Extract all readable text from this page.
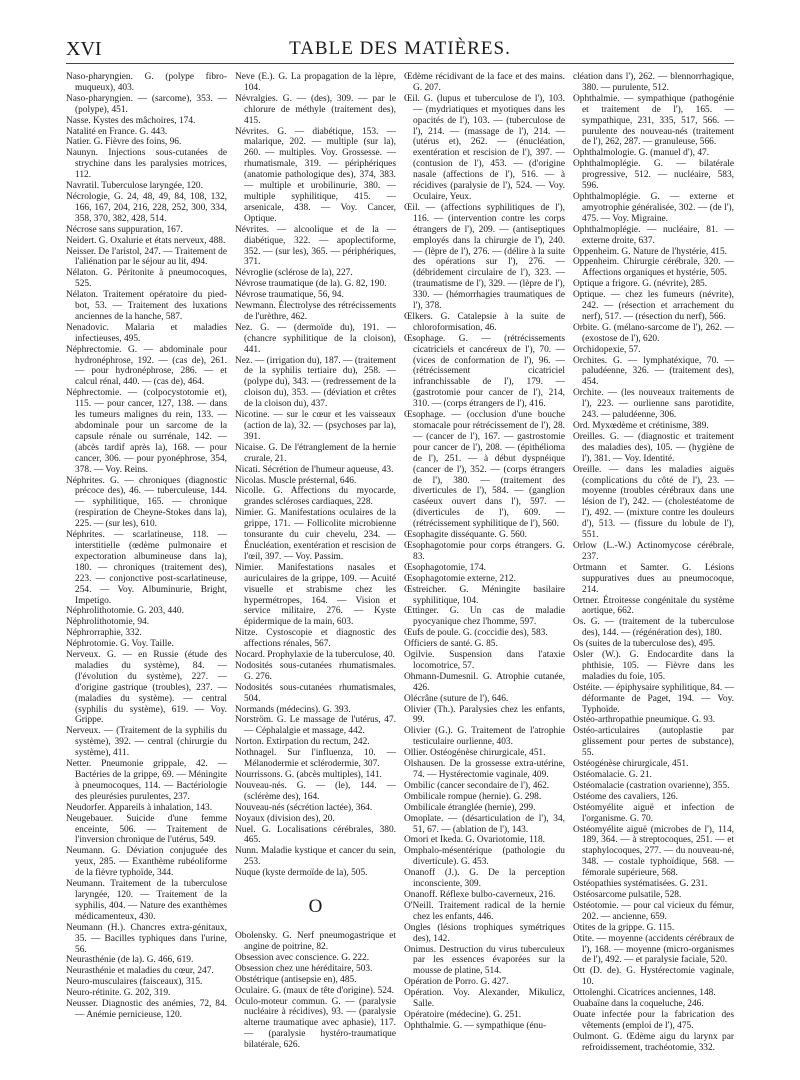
XVI	TABLE DES MATIÈRES.

Naso-pharyngien. G. (polype fibro-muqueux), 403.

Naso-pharyngien. — (sarcome), 353. — (polype), 451.

Nasse. Kystes des mâchoires, 174.

Natalité en France. G. 443.

Natier. G. Fièvre des foins, 96.

Naunyn. Injections sous-cutanées de strychine dans les paralysies motrices, 112.

Navratil. Tuberculose laryngée, 120.

Nécrologie, G. 24, 48, 49, 84, 108, 132, 166, 167, 204, 216, 228, 252, 300, 334, 358, 370, 382, 428, 514.

Nécrose sans suppuration, 167.

Neidert. G. Oxalurie et états nerveux, 488.

Neisser. De l'aristol, 247. — Traitement de l'aliénation par le séjour au lit, 494.

Nélaton. G. Péritonite à pneumocoques, 525.

Nélaton. Traitement opératoire du pied-bot, 53. — Traitement des luxations anciennes de la hanche, 587.

Nenadovic. Malaria et maladies infectieuses, 495.

Néphrectomie. G. — abdominale pour hydronéphrose, 192. — (cas de), 261. — pour hydronéphrose, 286. — et calcul rénal, 440. — (cas de), 464.

Néphrectomie. — (colpocystotomie et), 115. — pour cancer, 127, 138. — dans les tumeurs malignes du rein, 133. — abdominale pour un sarcome de la capsule rénale ou surrénale, 142. — (abcès tardif après la), 168. — pour cancer, 306. — pour pyonéphrose, 354, 378. — Voy. Reins.

Néphrites. G. — chroniques (diagnostic précoce des), 46. — tuberculeuse, 144. — syphilitique, 165. — chronique (respiration de Cheyne-Stokes dans la), 225. — (sur les), 610.

Néphrites. — scarlatineuse, 118. — interstitielle (œdème pulmonaire et expectoration albumineuse dans la), 180. — chroniques (traitement des), 223. — conjonctive post-scarlatineuse, 254. — Voy. Albuminurie, Bright, Impetigo.

Néphrolithotomie. G. 203, 440.

Néphrolithotomie, 94.

Néphrorraphie, 332.

Néphrotomie. G. Voy. Taille.

Nerveux. G. — en Russie (étude des maladies du système), 84. — (l'évolution du système), 227. — d'origine gastrique (troubles), 237. — (maladies du système). — central (syphilis du système), 619. — Voy. Grippe.

Nerveux. — (Traitement de la syphilis du système), 392. — central (chirurgie du système), 411.

Netter. Pneumonie grippale, 42. — Bactéries de la grippe, 69. — Méningite à pneumocoques, 114. — Bactériologie des pleurésies purulentes, 237.

Neudorfer. Appareils à inhalation, 143.

Neugebauer. Suicide d'une femme enceinte, 506. — Traitement de l'inversion chronique de l'utérus, 549.

Neumann. G. Déviation conjuguée des yeux, 285. — Exanthème rubéoliforme de la fièvre typhoïde, 344.

Neumann. Traitement de la tuberculose laryngée, 120. — Traitement de la syphilis, 404. — Nature des exanthèmes médicamenteux, 430.

Neumann (H.). Chancres extra-génitaux, 35. — Bacilles typhiques dans l'urine, 56.

Neurasthénie (de la). G. 466, 619.

Neurasthénie et maladies du cœur, 247.

Neuro-musculaires (faisceaux), 315.

Neuro-rétinite. G. 202, 319.

Neusser. Diagnostic des anémies, 72, 84. — Anémie pernicieuse, 120.

Neve (E.). G. La propagation de la lèpre, 104.

Névralgies. G. — (des), 309. — par le chlorure de méthyle (traitement des), 415.

Névrites. G. — diabétique, 153. — malarique, 202. — multiple (sur la), 260. — multiples. Voy. Grossesse. — rhumatismale, 319. — périphériques (anatomie pathologique des), 374, 383. — multiple et urobilinurie, 380. — multiple syphilitique, 415. — arsenicale, 438. — Voy. Cancer, Optique.

Névrites. — alcoolique et de la — diabétique, 322. — apoplectiforme, 352. — (sur les), 365. — périphériques, 371.

Névroglie (sclérose de la), 227.

Névrose traumatique (de la). G. 82, 190.

Névrose traumatique, 56, 94.

Newmann. Électrolyse des rétrécissements de l'urèthre, 462.

Nez. G. — (dermoïde du), 191. — (chancre syphilitique de la cloison), 441.

Nez. — (irrigation du), 187. — (traitement de la syphilis tertiaire du), 258. — (polype du), 343. — (redressement de la cloison du), 353. — (déviation et crêtes de la cloison du), 437.

Nicotine. — sur le cœur et les vaisseaux (action de la), 32. — (psychoses par la), 391.

Nicaise. G. De l'étranglement de la hernie crurale, 21.

Nicati. Sécrétion de l'humeur aqueuse, 43.

Nicolas. Muscle présternal, 646.

Nicolle. G. Affections du myocarde, grandes scléroses cardiaques, 228.

Nimier. G. Manifestations oculaires de la grippe, 171. — Follicolite microbienne tonsurante du cuir chevelu, 234. — Énucléation, exentération et rescision de l'œil, 397. — Voy. Passim.

Nimier. Manifestations nasales et auriculaires de la grippe, 109. — Acuité visuelle et strabisme chez les hypermétropes, 164. — Vision et service militaire, 276. — Kyste épidermique de la main, 603.

Nitze. Cystoscopie et diagnostic des affections rénales, 567.

Nocard. Prophylaxie de la tuberculose, 40.

Nodosités sous-cutanées rhumatismales. G. 276.

Nodosités sous-cutanées rhumatismales, 504.

Normands (médecins). G. 393.

Norström. G. Le massage de l'utérus, 47. — Céphalalgie et massage, 442.

Norton. Extirpation du rectum, 242.

Nothnagel. Sur l'influenza, 10. — Mélanodermie et sclérodermie, 307.

Nourrissons. G. (abcès multiples), 141.

Nouveau-nés. G. — (le), 144. — (sclérème des), 164.

Nouveau-nés (sécrétion lactée), 364.

Noyaux (division des), 20.

Nuel. G. Localisations cérébrales, 380. 465.

Nunn. Maladie kystique et cancer du sein, 253.

Nuque (kyste dermoïde de la), 505.

O

Obolensky. G. Nerf pneumogastrique et angine de poitrine, 82.

Obsession avec conscience. G. 222.

Obsession chez une héréditaire, 503.

Obstétrique (antisepsie en), 485.

Oculaire. G. (maux de tête d'origine). 524.

Oculo-moteur commun. G. — (paralysie nucléaire à récidives), 93. — (paralysie alterne traumatique avec aphasie), 117. — (paralysie hystéro-traumatique bilatérale, 626.

Œdème récidivant de la face et des mains. G. 207.

Œil. G. (lupus et tuberculose de l'), 103. — (mydriatiques et myotiques dans les opacités de l'), 103. — (tuberculose de l'), 214. — (massage de l'), 214. — (utérus et), 262. — (énucléation, exentération et rescision de l'), 397. — (contusion de l'), 453. — (d'origine nasale (affections de l'), 516. — à récidives (paralysie de l'), 524. — Voy. Oculaire, Yeux.

Œil. — (affections syphilitiques de l'), 116. — (intervention contre les corps étrangers de l'), 209. — (antiseptiques employés dans la chirurgie de l'), 240. — (lèpre de l'), 276. — (délire à la suite des opérations sur l'), 276. — (débridement circulaire de l'), 323. — (traumatisme de l'), 329. — (lèpre de l'), 330. — (hémorrhagies traumatiques de l'), 378.

Œlkers. G. Catalepsie à la suite de chloroformisation, 46.

Œsophage. G. — (rétrécissements cicatriciels et cancéreux de l'), 70. — (vices de conformation de l'), 96. — (rétrécissement cicatriciel infranchissable de l'), 179. — (gastrotomie pour cancer de l'), 214, 310. — (corps étrangers de l'), 416.

Œsophage. — (occlusion d'une bouche stomacale pour rétrécissement de l'), 28. — (cancer de l'), 167. — gastrostomie pour cancer de l'), 208. — (épithélioma de l'), 251. — à début dyspnéique (cancer de l'), 352. — (corps étrangers de l'), 380. — (traitement des diverticules de l'), 584. — (ganglion caséeux ouvert dans l'), 597. — (diverticules de l'), 609. — (rétrécissement syphilitique de l'), 560.

Œsophagite disséquante. G. 560.

Œsophagotomie pour corps étrangers. G. 83.

Œsophagotomie, 174.

Œsophagotomie externe, 212.

Œstreicher. G. Méningite basilaire syphilitique, 104.

Œttinger. G. Un cas de maladie pyocyanique chez l'homme, 597.

Œufs de poule. G. (coccidie des), 583.

Officiers de santé. G. 85.

Ogilvie. Suspension dans l'ataxie locomotrice, 57.

Ohmann-Dumesnil. G. Atrophie cutanée, 426.

Olécrâne (suture de l'), 646.

Olivier (Th.). Paralysies chez les enfants, 99.

Olivier (G.). G. Traitement de l'atrophie testiculaire ourlienne, 403.

Ollier. Ostéogénèse chirurgicale, 451.

Olshausen. De la grossesse extra-utérine, 74. — Hystérectomie vaginale, 409.

Ombilic (cancer secondaire de l'), 462.

Ombilicale rompue (hernie). G. 298.

Ombilicale étranglée (hernie), 299.

Omoplate. — (désarticulation de l'), 34, 51, 67. — (ablation de l'), 143.

Omori et Ikeda. G. Ovariotomie, 118.

Omphalo-mésentérique (pathologie du diverticule). G. 453.

Onanoff (J.). G. De la perception inconsciente, 309.

Onanoff. Réflexe bulbo-caverneux, 216.

O'Neill. Traitement radical de la hernie chez les enfants, 446.

Ongles (lésions trophiques symétriques des), 142.

Onimus. Destruction du virus tuberculeux par les essences évaporées sur la mousse de platine, 514.

Opération de Porro. G. 427.

Opération. Voy. Alexander, Mikulicz, Salle.

Opératoire (médecine). G. 251.

Ophthalmie. G. — sympathique (énu-

cléation dans l'), 262. — blennorrhagique, 380. — purulente, 512.

Ophthalmie. — sympathique (pathogénie et traitement de l'), 165. — sympathique, 231, 335, 517, 566. — purulente des nouveau-nés (traitement de l'), 262, 287. — granuleuse, 566.

Ophthalmologie. G. (manuel d'), 47.

Ophthalmoplégie. G. — bilatérale progressive, 512. — nucléaire, 583, 596.

Ophthalmoplégie. G. — externe et amyotrophie généralisée, 302. — (de l'), 475. — Voy. Migraine.

Ophthalmoplégie. — nucléaire, 81. — externe droite, 637.

Oppenheim. G. Nature de l'hystérie, 415.

Oppenheim. Chirurgie cérébrale, 320. — Affections organiques et hystérie, 505.

Optique a frigore. G. (névrite), 285.

Optique. — chez les fumeurs (névrite), 242. — (résection et arrachement du nerf), 517. — (résection du nerf), 566.

Orbite. G. (mélano-sarcome de l'), 262. — (exostose de l'), 620.

Orchidopexie, 57.

Orchites. G. — lymphatéxique, 70. — paludéenne, 326. — (traitement des), 454.

Orchite. — (les nouveaux traitements de l'), 223. — ourlienne sans parotidite, 243. — paludéenne, 306.

Ord. Myxœdème et crétinisme, 389.

Oreilles. G. — (diagnostic et traitement des maladies des), 105. — (hygiène de l'), 381. — Voy. Identité.

Oreille. — dans les maladies aiguës (complications du côté de l'), 23. — moyenne (troubles cérébraux dans une lésion de l'), 242. — (cholestéatome de l'), 492. — (mixture contre les douleurs d'), 513. — (fissure du lobule de l'), 551.

Orlow (L.-W.) Actinomycose cérébrale, 237.

Ortmann et Samter. G. Lésions suppuratives dues au pneumocoque, 214.

Ortner. Étroitesse congénitale du système aortique, 662.

Os. G. — (traitement de la tuberculose des), 144. — (régénération des), 180.

Os (suites de la tuberculose des), 495.

Osler (W.). G. Endocardite dans la phthisie, 105. — Fièvre dans les maladies du foie, 105.

Ostéite. — épiphysaire syphilitique, 84. — déformante de Paget, 194. — Voy. Typhoïde.

Ostéo-arthropathie pneumique. G. 93.

Ostéo-articulaires (autoplastie par glissement pour pertes de substance), 55.

Ostéogénèse chirurgicale, 451.

Ostéomalacie. G. 21.

Ostéomalacie (castration ovarienne), 355.

Ostéome des cavaliers, 126.

Ostéomyélite aiguë et infection de l'organisme. G. 70.

Ostéomyélite aiguë (microbes de l'), 114, 189, 364. — à streptocoques, 251. — et staphylocoques, 277. — du nouveau-né, 348. — costale typhoïdique, 568. — fémorale supérieure, 568.

Ostéopathies systématisées. G. 231.

Ostéosarcome pulsatile, 528.

Ostéotomie. — pour cal vicieux du fémur, 202. — ancienne, 659.

Otites de la grippe. G. 115.

Otite. — moyenne (accidents cérébraux de l'), 168. — moyenne (micro-organismes de l'), 492. — et paralysie faciale, 520.

Ott (D. de). G. Hystérectomie vaginale, 10.

Ottolenghi. Cicatrices anciennes, 148.

Ouabaïne dans la coqueluche, 246.

Ouate infectée pour la fabrication des vêtements (emploi de l'), 475.

Oulmont. G. Œdème aigu du larynx par refroidissement, trachéotomie, 332.
